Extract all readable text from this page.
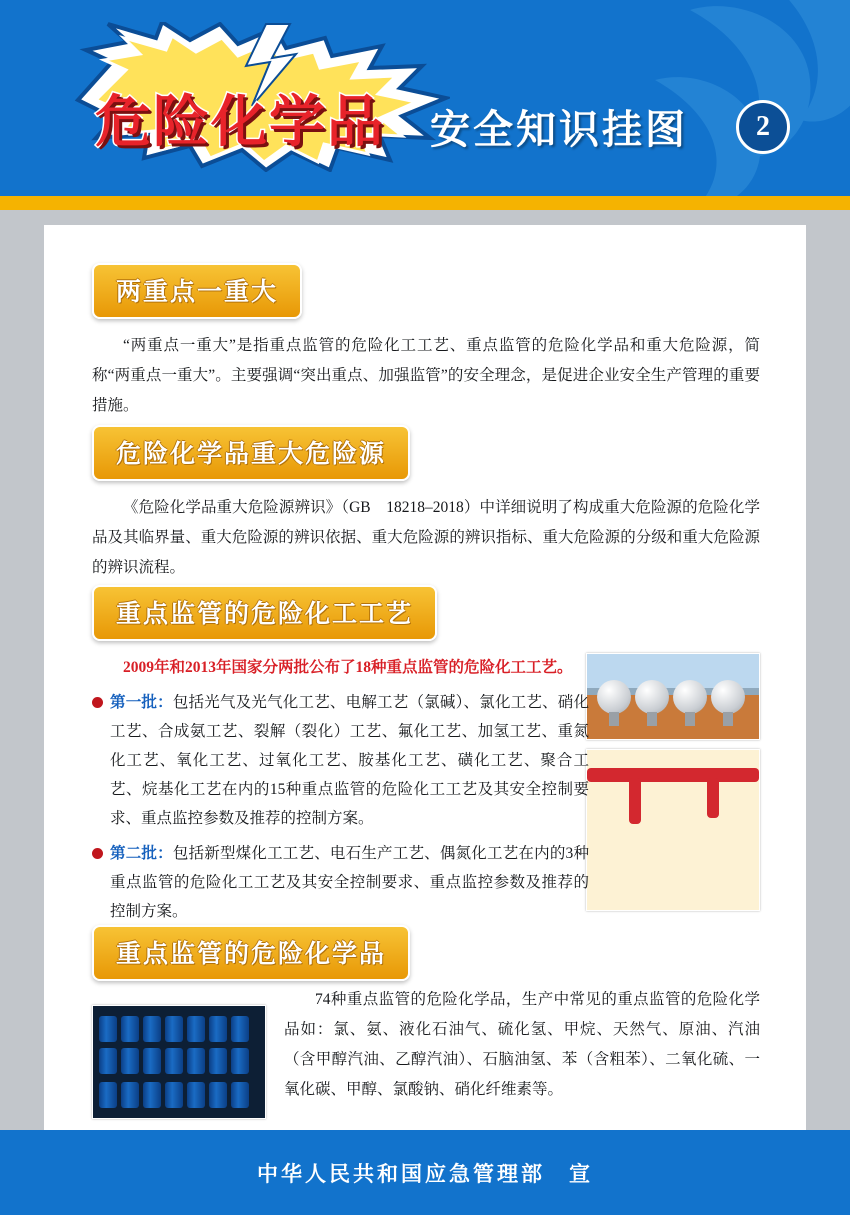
危险化学品 安全知识挂图	2
两重点一重大

“两重点一重大”是指重点监管的危险化工工艺、重点监管的危险化学品和重大危险源，简称“两重点一重大”。主要强调“突出重点、加强监管”的安全理念，是促进企业安全生产管理的重要措施。

危险化学品重大危险源

《危险化学品重大危险源辨识》（GB　18218–2018）中详细说明了构成重大危险源的危险化学品及其临界量、重大危险源的辨识依据、重大危险源的辨识指标、重大危险源的分级和重大危险源的辨识流程。

重点监管的危险化工工艺

2009年和2013年国家分两批公布了18种重点监管的危险化工工艺。

第一批：包括光气及光气化工艺、电解工艺（氯碱）、氯化工艺、硝化工艺、合成氨工艺、裂解（裂化）工艺、氟化工艺、加氢工艺、重氮化工艺、氧化工艺、过氧化工艺、胺基化工艺、磺化工艺、聚合工艺、烷基化工艺在内的15种重点监管的危险化工工艺及其安全控制要求、重点监控参数及推荐的控制方案。
第二批：包括新型煤化工工艺、电石生产工艺、偶氮化工艺在内的3种重点监管的危险化工工艺及其安全控制要求、重点监控参数及推荐的控制方案。
重点监管的危险化学品

74种重点监管的危险化学品，生产中常见的重点监管的危险化学品如：氯、氨、液化石油气、硫化氢、甲烷、天然气、原油、汽油（含甲醇汽油、乙醇汽油）、石脑油氢、苯（含粗苯）、二氧化硫、一氧化碳、甲醇、氯酸钠、硝化纤维素等。

中华人民共和国应急管理部　宣
